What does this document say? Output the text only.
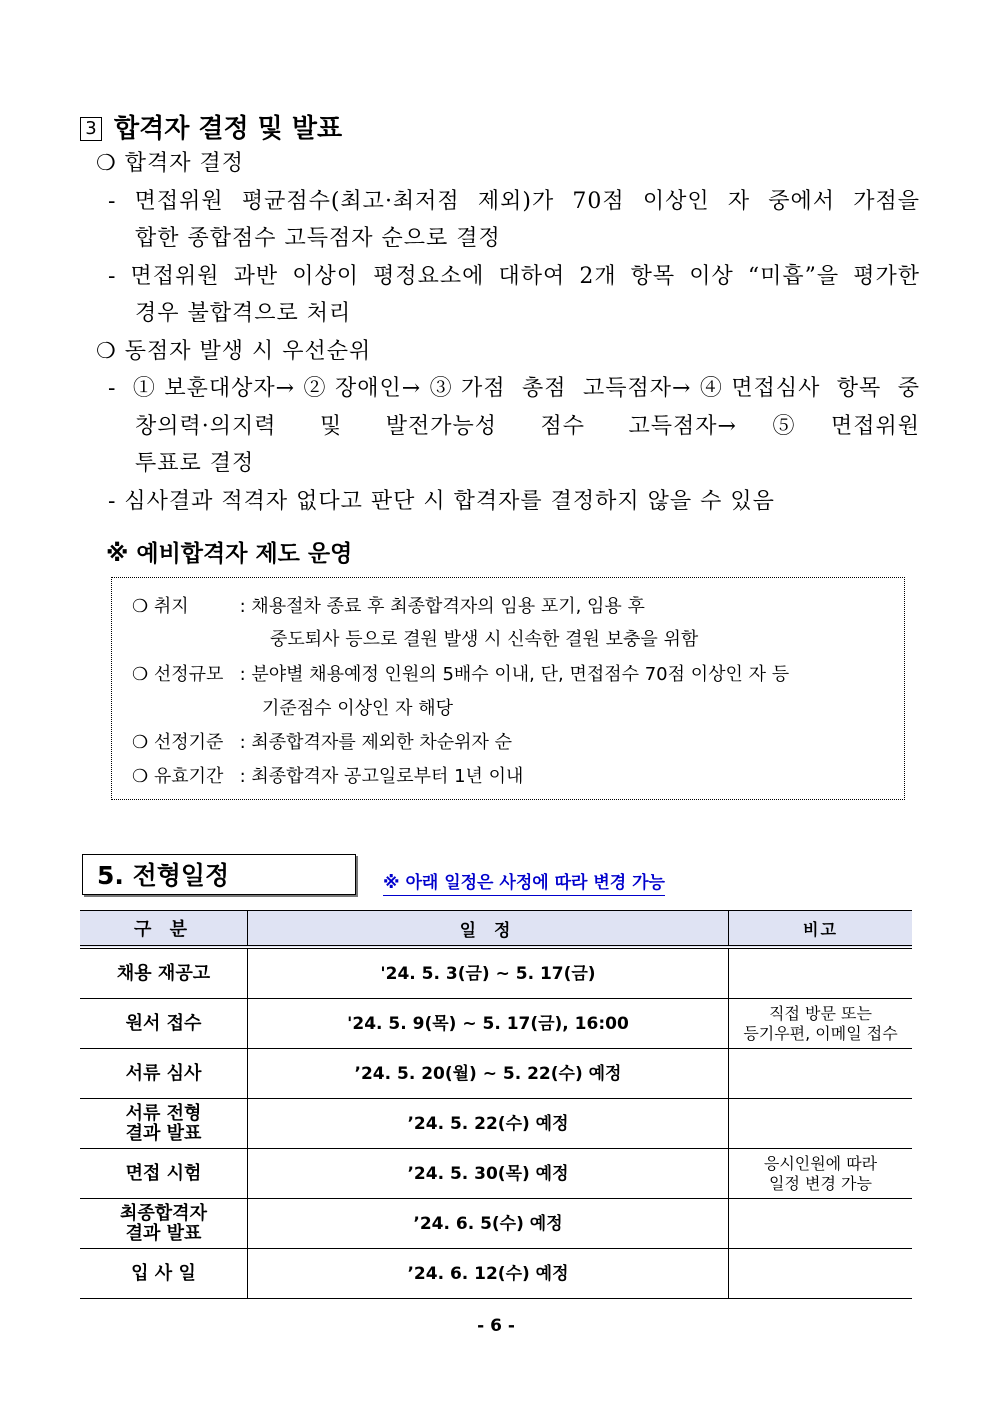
3 합격자 결정 및 발표
❍ 합격자 결정
- 면접위원 평균점수(최고·최저점 제외)가 70점 이상인 자 중에서 가점을
합한 종합점수 고득점자 순으로 결정
- 면접위원 과반 이상이 평정요소에 대하여 2개 항목 이상 “미흡”을 평가한
경우 불합격으로 처리
❍ 동점자 발생 시 우선순위
- ①보훈대상자→②장애인→③가점 총점 고득점자→④면접심사 항목 중
창의력·의지력 및 발전가능성 점수 고득점자→⑤면접위원
투표로 결정
- 심사결과 적격자 없다고 판단 시 합격자를 결정하지 않을 수 있음
※ 예비합격자 제도 운영
❍ 취지	: 채용절차 종료 후 최종합격자의 임용 포기, 임용 후
중도퇴사 등으로 결원 발생 시 신속한 결원 보충을 위함
❍ 선정규모 : 분야별 채용예정 인원의 5배수 이내, 단, 면접점수 70점 이상인 자 등
기준점수 이상인 자 해당
❍ 선정기준 : 최종합격자를 제외한 차순위자 순
❍ 유효기간 : 최종합격자 공고일로부터 1년 이내
5. 전형일정	※ 아래 일정은 사정에 따라 변경 가능
구 분	일 정	비고
채용 재공고	'24. 5. 3(금) ~ 5. 17(금)	
원서 접수	'24. 5. 9(목) ~ 5. 17(금), 16:00	직접 방문 또는
등기우편, 이메일 접수
서류 심사	’24. 5. 20(월) ~ 5. 22(수) 예정	
서류 전형
결과 발표	’24. 5. 22(수) 예정	
면접 시험	’24. 5. 30(목) 예정	응시인원에 따라
일정 변경 가능
최종합격자
결과 발표	’24. 6. 5(수) 예정	
입 사 일	’24. 6. 12(수) 예정	
- 6 -
